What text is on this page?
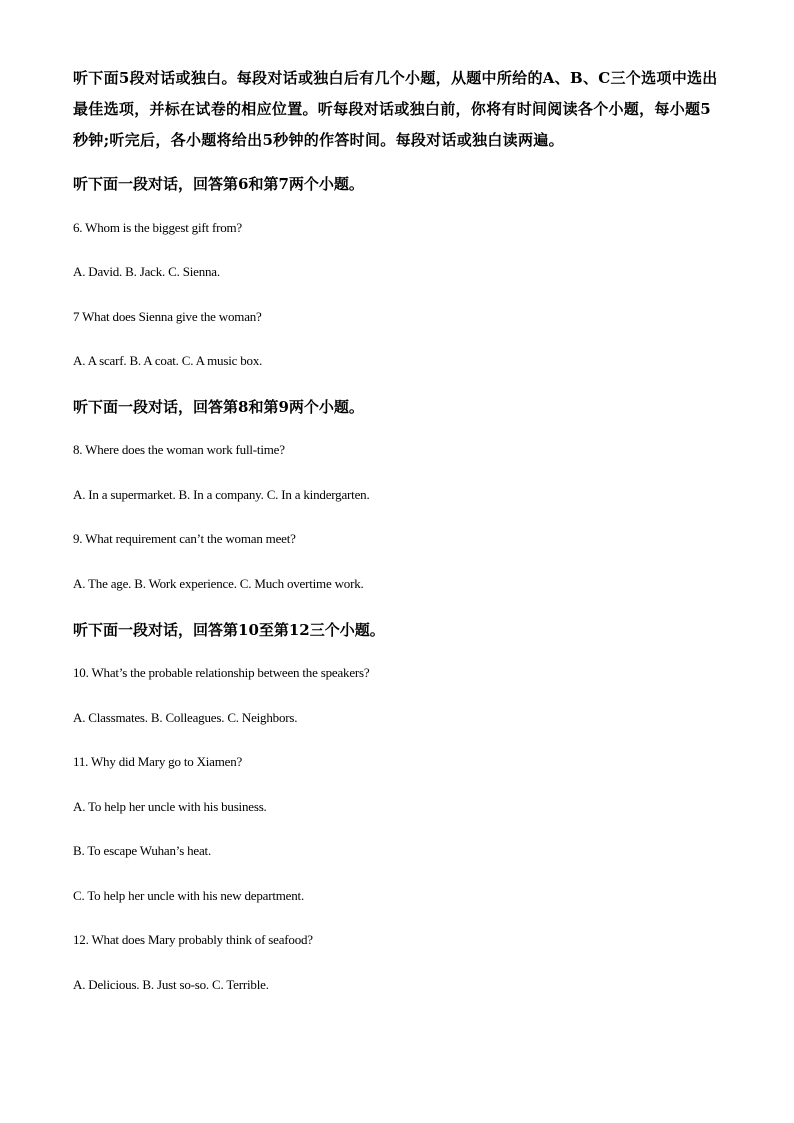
听下面5段对话或独白。每段对话或独白后有几个小题，从题中所给的A、B、C三个选项中选出最佳选项，并标在试卷的相应位置。听每段对话或独白前，你将有时间阅读各个小题，每小题5秒钟;听完后，各小题将给出5秒钟的作答时间。每段对话或独白读两遍。
听下面一段对话，回答第6和第7两个小题。
6. Whom is the biggest gift from?
A. David. B. Jack. C. Sienna.
7 What does Sienna give the woman?
A. A scarf. B. A coat. C. A music box.
听下面一段对话，回答第8和第9两个小题。
8. Where does the woman work full-time?
A. In a supermarket. B. In a company. C. In a kindergarten.
9. What requirement can’t the woman meet?
A. The age. B. Work experience. C. Much overtime work.
听下面一段对话，回答第10至第12三个小题。
10. What’s the probable relationship between the speakers?
A. Classmates. B. Colleagues. C. Neighbors.
11. Why did Mary go to Xiamen?
A. To help her uncle with his business.
B. To escape Wuhan’s heat.
C. To help her uncle with his new department.
12. What does Mary probably think of seafood?
A. Delicious. B. Just so-so. C. Terrible.
